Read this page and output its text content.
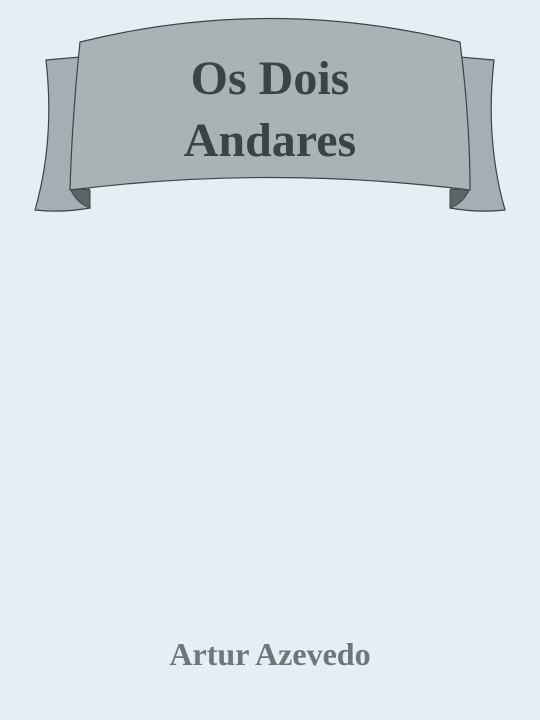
Os Dois
Andares
Artur Azevedo
